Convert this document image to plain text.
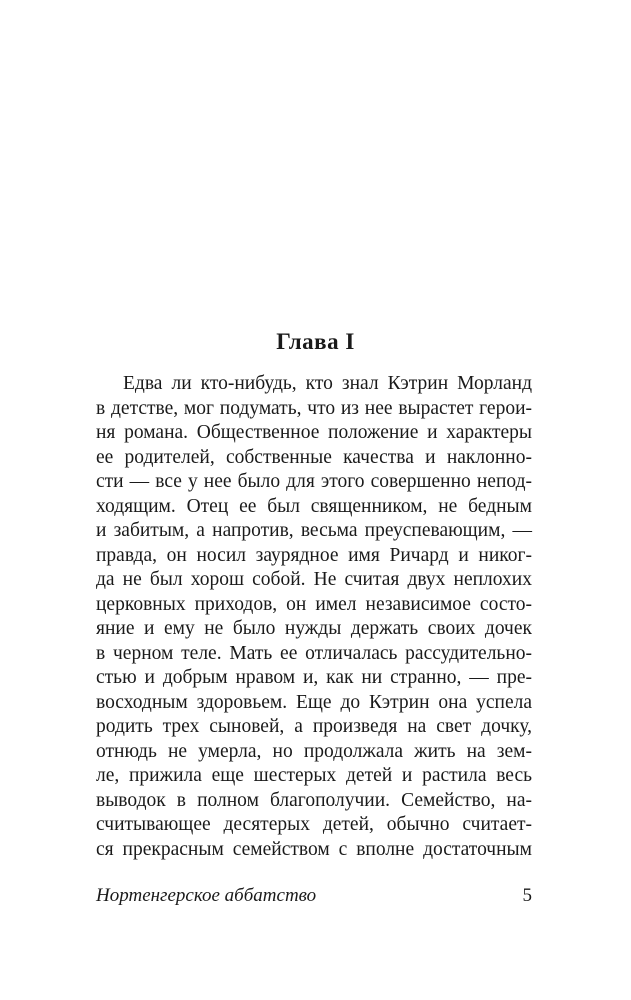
Глава I
Едва ли кто-нибудь, кто знал Кэтрин Морланд
в детстве, мог подумать, что из нее вырастет герои-
ня романа. Общественное положение и характеры
ее родителей, собственные качества и наклонно-
сти — все у нее было для этого совершенно непод-
ходящим. Отец ее был священником, не бедным
и забитым, а напротив, весьма преуспевающим, —
правда, он носил заурядное имя Ричард и никог-
да не был хорош собой. Не считая двух неплохих
церковных приходов, он имел независимое состо-
яние и ему не было нужды держать своих дочек
в черном теле. Мать ее отличалась рассудительно-
стью и добрым нравом и, как ни странно, — пре-
восходным здоровьем. Еще до Кэтрин она успела
родить трех сыновей, а произведя на свет дочку,
отнюдь не умерла, но продолжала жить на зем-
ле, прижила еще шестерых детей и растила весь
выводок в полном благополучии. Семейство, на-
считывающее десятерых детей, обычно считает-
ся прекрасным семейством с вполне достаточным
Нортенгерское аббатство	5
